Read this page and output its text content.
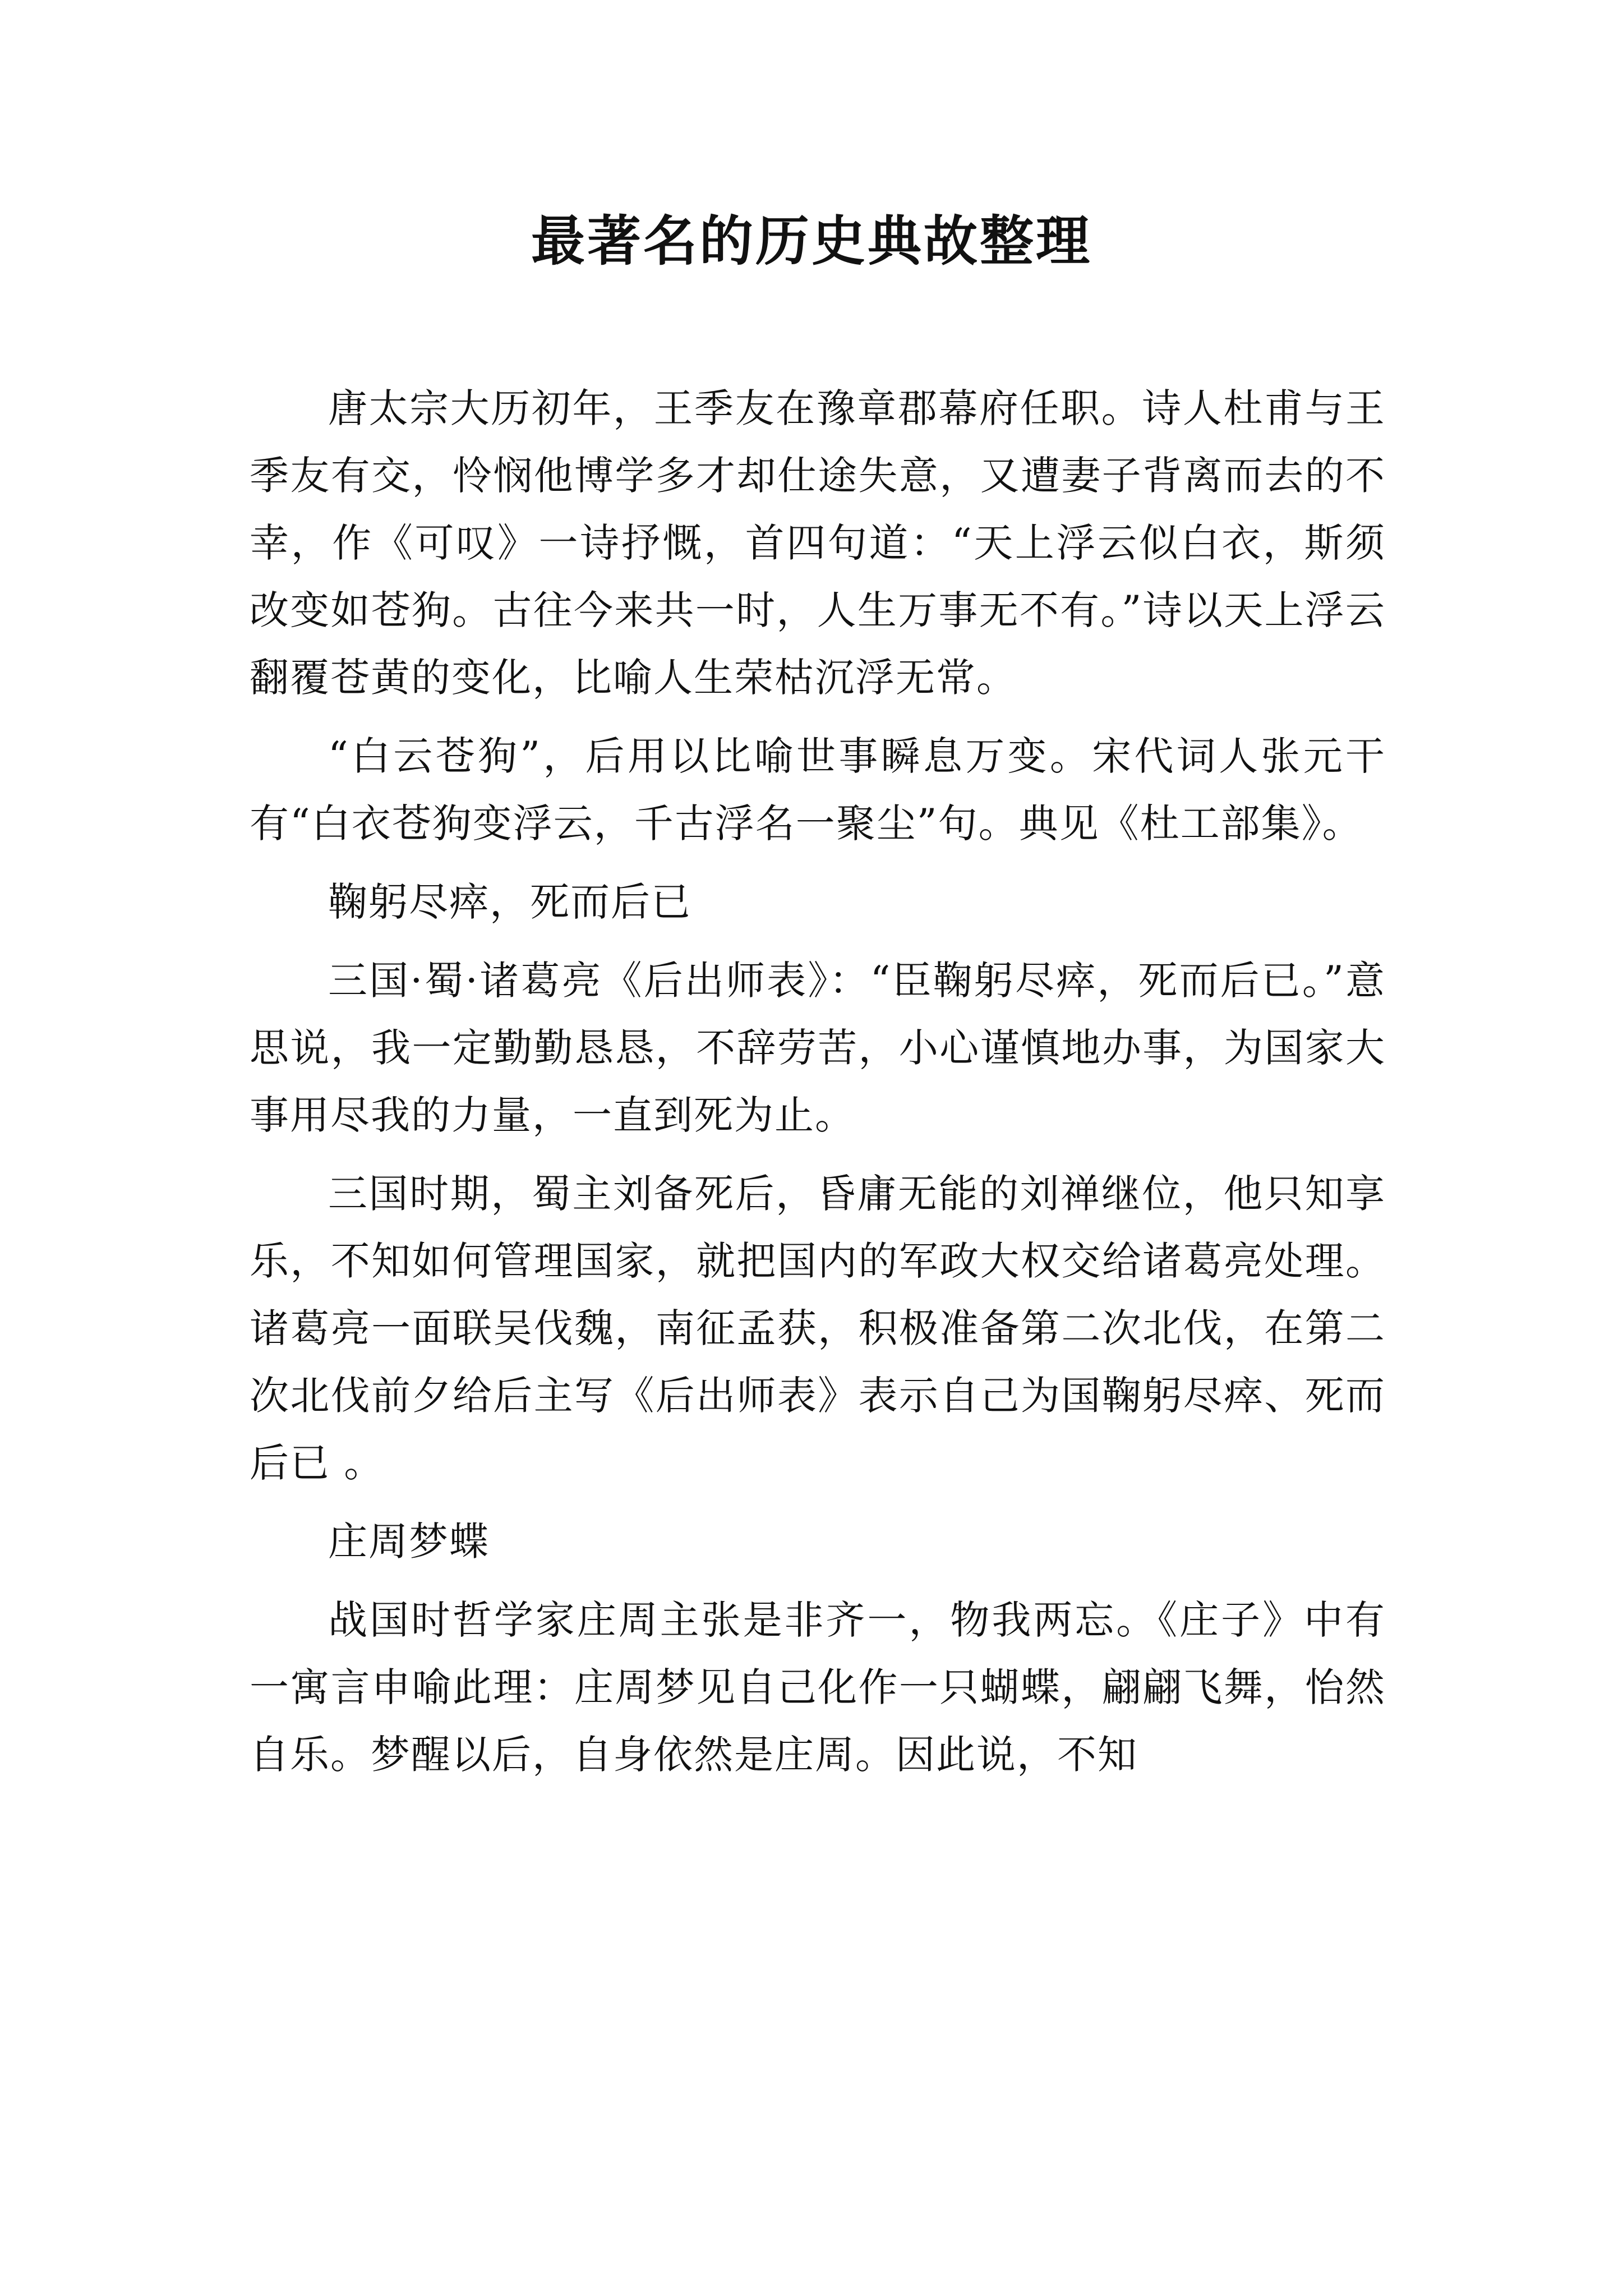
最著名的历史典故整理

唐太宗大历初年，王季友在豫章郡幕府任职。诗人杜甫与王季友有交，怜悯他博学多才却仕途失意，又遭妻子背离而去的不幸，作《可叹》一诗抒慨，首四句道：“天上浮云似白衣，斯须改变如苍狗。古往今来共一时，人生万事无不有。”诗以天上浮云翻覆苍黄的变化，比喻人生荣枯沉浮无常。

“白云苍狗”，后用以比喻世事瞬息万变。宋代词人张元干有“白衣苍狗变浮云，千古浮名一聚尘”句。典见《杜工部集》。

鞠躬尽瘁，死而后已

三国·蜀·诸葛亮《后出师表》：“臣鞠躬尽瘁，死而后已。”意思说，我一定勤勤恳恳，不辞劳苦，小心谨慎地办事，为国家大事用尽我的力量，一直到死为止。

三国时期，蜀主刘备死后，昏庸无能的刘禅继位，他只知享乐，不知如何管理国家，就把国内的军政大权交给诸葛亮处理。诸葛亮一面联吴伐魏，南征孟获，积极准备第二次北伐，在第二次北伐前夕给后主写《后出师表》表示自己为国鞠躬尽瘁、死而后已 。

庄周梦蝶

战国时哲学家庄周主张是非齐一，物我两忘。《庄子》中有一寓言申喻此理：庄周梦见自己化作一只蝴蝶，翩翩飞舞，怡然自乐。梦醒以后，自身依然是庄周。因此说，不知
